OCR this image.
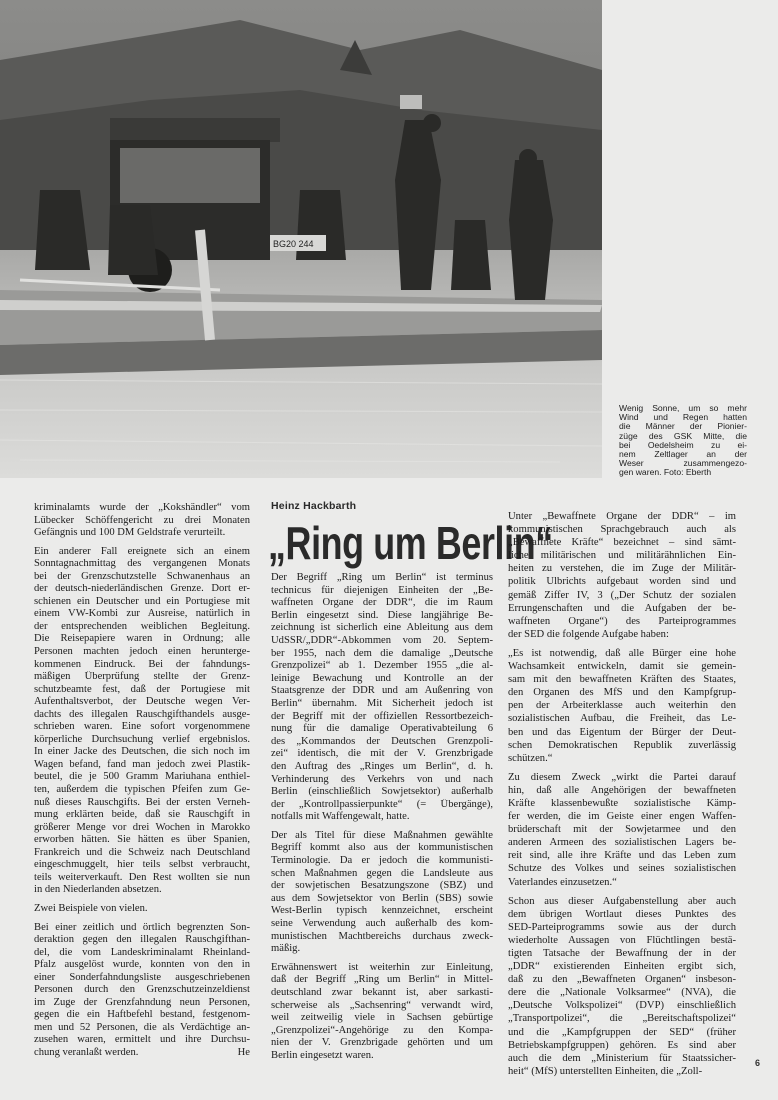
BG20 244
Wenig Sonne, um so mehr
Wind und Regen hatten
die Männer der Pionier-
züge des GSK Mitte, die
bei Oedelsheim zu ei-
nem Zeltlager an der
Weser zusammengezo-
gen waren. Foto: Eberth
kriminalamts wurde der „Kokshändler“ vom
Lübecker Schöffengericht zu drei Monaten
Gefängnis und 100 DM Geldstrafe verurteilt.
Ein anderer Fall ereignete sich an einem
Sonntagnachmittag des vergangenen Monats
bei der Grenzschutzstelle Schwanenhaus an
der deutsch-niederländischen Grenze. Dort er-
schienen ein Deutscher und ein Portugiese mit
einem VW-Kombi zur Ausreise, natürlich in
der entsprechenden weiblichen Begleitung.
Die Reisepapiere waren in Ordnung; alle
Personen machten jedoch einen herunterge-
kommenen Eindruck. Bei der fahndungs-
mäßigen Überprüfung stellte der Grenz-
schutzbeamte fest, daß der Portugiese mit
Aufenthaltsverbot, der Deutsche wegen Ver-
dachts des illegalen Rauschgifthandels ausge-
schrieben waren. Eine sofort vorgenommene
körperliche Durchsuchung verlief ergebnislos.
In einer Jacke des Deutschen, die sich noch im
Wagen befand, fand man jedoch zwei Plastik-
beutel, die je 500 Gramm Mariuhana enthiel-
ten, außerdem die typischen Pfeifen zum Ge-
nuß dieses Rauschgifts. Bei der ersten Verneh-
mung erklärten beide, daß sie Rauschgift in
größerer Menge vor drei Wochen in Marokko
erworben hätten. Sie hätten es über Spanien,
Frankreich und die Schweiz nach Deutschland
eingeschmuggelt, hier teils selbst verbraucht,
teils weiterverkauft. Den Rest wollten sie nun
in den Niederlanden absetzen.
Zwei Beispiele von vielen.
Bei einer zeitlich und örtlich begrenzten Son-
deraktion gegen den illegalen Rauschgifthan-
del, die vom Landeskriminalamt Rheinland-
Pfalz ausgelöst wurde, konnten von den in
einer Sonderfahndungsliste ausgeschriebenen
Personen durch den Grenzschutzeinzeldienst
im Zuge der Grenzfahndung neun Personen,
gegen die ein Haftbefehl bestand, festgenom-
men und 52 Personen, die als Verdächtige an-
zusehen waren, ermittelt und ihre Durchsu-
chung veranlaßt werden.	He
Heinz Hackbarth
„Ring um Berlin“
Der Begriff „Ring um Berlin“ ist terminus
technicus für diejenigen Einheiten der „Be-
waffneten Organe der DDR“, die im Raum
Berlin eingesetzt sind. Diese langjährige Be-
zeichnung ist sicherlich eine Ableitung aus dem
UdSSR/„DDR“-Abkommen vom 20. Septem-
ber 1955, nach dem die damalige „Deutsche
Grenzpolizei“ ab 1. Dezember 1955 „die al-
leinige Bewachung und Kontrolle an der
Staatsgrenze der DDR und am Außenring von
Berlin“ übernahm. Mit Sicherheit jedoch ist
der Begriff mit der offiziellen Ressortbezeich-
nung für die damalige Operativabteilung 6
des „Kommandos der Deutschen Grenzpoli-
zei“ identisch, die mit der V. Grenzbrigade
den Auftrag des „Ringes um Berlin“, d. h.
Verhinderung des Verkehrs von und nach
Berlin (einschließlich Sowjetsektor) außerhalb
der „Kontrollpassierpunkte“ (= Übergänge),
notfalls mit Waffengewalt, hatte.
Der als Titel für diese Maßnahmen gewählte
Begriff kommt also aus der kommunistischen
Terminologie. Da er jedoch die kommunisti-
schen Maßnahmen gegen die Landsleute aus
der sowjetischen Besatzungszone (SBZ) und
aus dem Sowjetsektor von Berlin (SBS) sowie
West-Berlin typisch kennzeichnet, erscheint
seine Verwendung auch außerhalb des kom-
munistischen Machtbereichs durchaus zweck-
mäßig.
Erwähnenswert ist weiterhin zur Einleitung,
daß der Begriff „Ring um Berlin“ in Mittel-
deutschland zwar bekannt ist, aber sarkasti-
scherweise als „Sachsenring“ verwandt wird,
weil zeitweilig viele in Sachsen gebürtige
„Grenzpolizei“-Angehörige zu den Kompa-
nien der V. Grenzbrigade gehörten und um
Berlin eingesetzt waren.
Unter „Bewaffnete Organe der DDR“ – im
kommunistischen Sprachgebrauch auch als
„Bewaffnete Kräfte“ bezeichnet – sind sämt-
liche militärischen und militärähnlichen Ein-
heiten zu verstehen, die im Zuge der Militär-
politik Ulbrichts aufgebaut worden sind und
gemäß Ziffer IV, 3 („Der Schutz der sozialen
Errungenschaften und die Aufgaben der be-
waffneten Organe“) des Parteiprogrammes
der SED die folgende Aufgabe haben:
„Es ist notwendig, daß alle Bürger eine hohe
Wachsamkeit entwickeln, damit sie gemein-
sam mit den bewaffneten Kräften des Staates,
den Organen des MfS und den Kampfgrup-
pen der Arbeiterklasse auch weiterhin den
sozialistischen Aufbau, die Freiheit, das Le-
ben und das Eigentum der Bürger der Deut-
schen Demokratischen Republik zuverlässig
schützen.“
Zu diesem Zweck „wirkt die Partei darauf
hin, daß alle Angehörigen der bewaffneten
Kräfte klassenbewußte sozialistische Kämp-
fer werden, die im Geiste einer engen Waffen-
brüderschaft mit der Sowjetarmee und den
anderen Armeen des sozialistischen Lagers be-
reit sind, alle ihre Kräfte und das Leben zum
Schutze des Volkes und seines sozialistischen
Vaterlandes einzusetzen.“
Schon aus dieser Aufgabenstellung aber auch
dem übrigen Wortlaut dieses Punktes des
SED-Parteiprogramms sowie aus der durch
wiederholte Aussagen von Flüchtlingen bestä-
tigten Tatsache der Bewaffnung der in der
„DDR“ existierenden Einheiten ergibt sich,
daß zu den „Bewaffneten Organen“ insbeson-
dere die „Nationale Volksarmee“ (NVA), die
„Deutsche Volkspolizei“ (DVP) einschließlich
„Transportpolizei“, die „Bereitschaftspolizei“
und die „Kampfgruppen der SED“ (früher
Betriebskampfgruppen) gehören. Es sind aber
auch die dem „Ministerium für Staatssicher-
heit“ (MfS) unterstellten Einheiten, die „Zoll-
6
